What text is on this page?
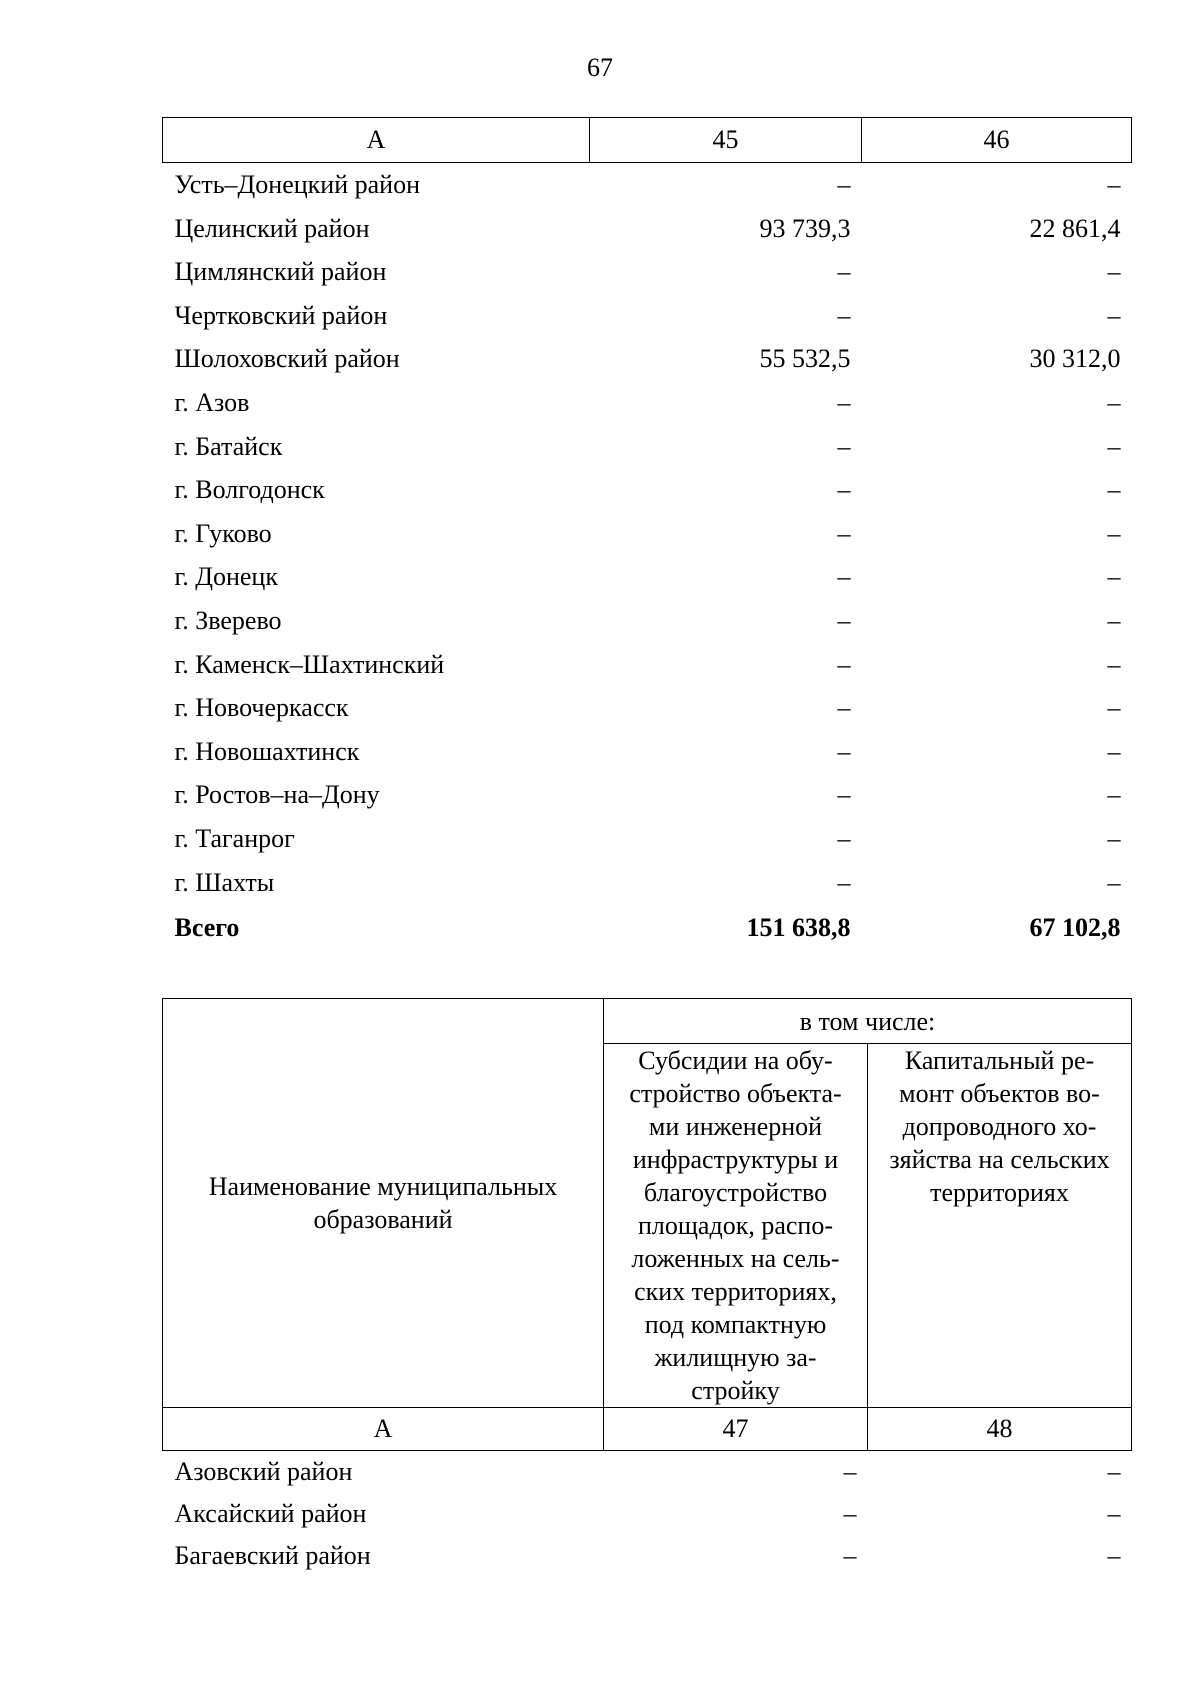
67
А	45	46
Усть–Донецкий район	–	–
Целинский район	93 739,3	22 861,4
Цимлянский район	–	–
Чертковский район	–	–
Шолоховский район	55 532,5	30 312,0
г. Азов	–	–
г. Батайск	–	–
г. Волгодонск	–	–
г. Гуково	–	–
г. Донецк	–	–
г. Зверево	–	–
г. Каменск–Шахтинский	–	–
г. Новочеркасск	–	–
г. Новошахтинск	–	–
г. Ростов–на–Дону	–	–
г. Таганрог	–	–
г. Шахты	–	–
Всего	151 638,8	67 102,8
Наименование муниципальных образований	в том числе:	
	Субсидии на обу- стройство объекта- ми инженерной инфраструктуры и благоустройство площадок, распо- ложенных на сель- ских территориях, под компактную жилищную за- стройку	Капитальный ре- монт объектов во- допроводного хо- зяйства на сельских территориях
А	47	48
Азовский район	–	–
Аксайский район	–	–
Багаевский район	–	–
